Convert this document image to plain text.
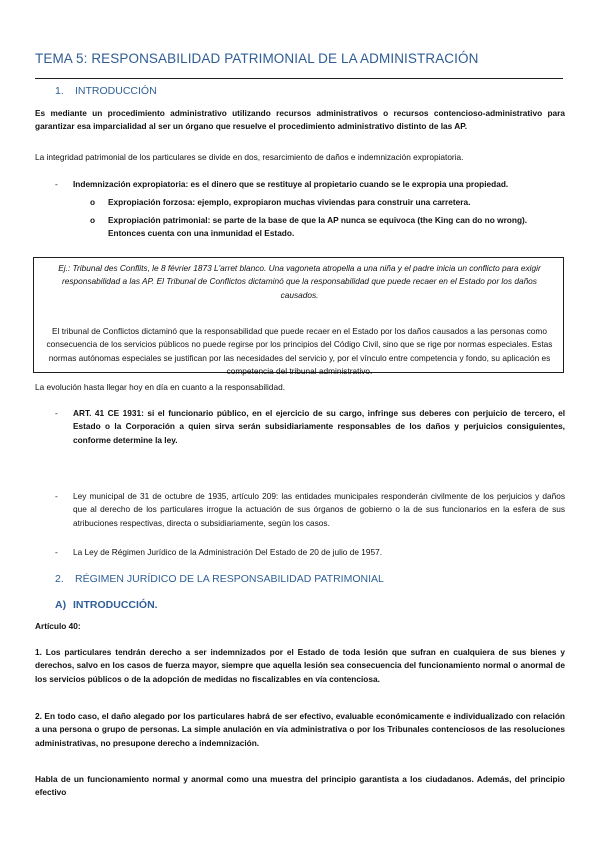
TEMA 5: RESPONSABILIDAD PATRIMONIAL DE LA ADMINISTRACIÓN
1. INTRODUCCIÓN
Es mediante un procedimiento administrativo utilizando recursos administrativos o recursos contencioso-administrativo para garantizar esa imparcialidad al ser un órgano que resuelve el procedimiento administrativo distinto de las AP.
La integridad patrimonial de los particulares se divide en dos, resarcimiento de daños e indemnización expropiatoria.
- Indemnización expropiatoria: es el dinero que se restituye al propietario cuando se le expropia una propiedad.
o Expropiación forzosa: ejemplo, expropiaron muchas viviendas para construir una carretera.
o Expropiación patrimonial: se parte de la base de que la AP nunca se equivoca (the King can do no wrong). Entonces cuenta con una inmunidad el Estado.
Ej.: Tribunal des Conflits, le 8 février 1873 L'arret blanco. Una vagoneta atropella a una niña y el padre inicia un conflicto para exigir responsabilidad a las AP. El Tribunal de Conflictos dictaminó que la responsabilidad que puede recaer en el Estado por los daños causados.
El tribunal de Conflictos dictaminó que la responsabilidad que puede recaer en el Estado por los daños causados a las personas como consecuencia de los servicios públicos no puede regirse por los principios del Código Civil, sino que se rige por normas especiales. Estas normas autónomas especiales se justifican por las necesidades del servicio y, por el vínculo entre competencia y fondo, su aplicación es competencia del tribunal administrativo.
La evolución hasta llegar hoy en día en cuanto a la responsabilidad.
- ART. 41 CE 1931: si el funcionario público, en el ejercicio de su cargo, infringe sus deberes con perjuicio de tercero, el Estado o la Corporación a quien sirva serán subsidiariamente responsables de los daños y perjuicios consiguientes, conforme determine la ley.
- Ley municipal de 31 de octubre de 1935, artículo 209: las entidades municipales responderán civilmente de los perjuicios y daños que al derecho de los particulares irrogue la actuación de sus órganos de gobierno o la de sus funcionarios en la esfera de sus atribuciones respectivas, directa o subsidiariamente, según los casos.
- La Ley de Régimen Jurídico de la Administración Del Estado de 20 de julio de 1957.
2. RÉGIMEN JURÍDICO DE LA RESPONSABILIDAD PATRIMONIAL
A) INTRODUCCIÓN.
Artículo 40:
1. Los particulares tendrán derecho a ser indemnizados por el Estado de toda lesión que sufran en cualquiera de sus bienes y derechos, salvo en los casos de fuerza mayor, siempre que aquella lesión sea consecuencia del funcionamiento normal o anormal de los servicios públicos o de la adopción de medidas no fiscalizables en vía contenciosa.
2. En todo caso, el daño alegado por los particulares habrá de ser efectivo, evaluable económicamente e individualizado con relación a una persona o grupo de personas. La simple anulación en vía administrativa o por los Tribunales contenciosos de las resoluciones administrativas, no presupone derecho a indemnización.
Habla de un funcionamiento normal y anormal como una muestra del principio garantista a los ciudadanos. Además, del principio efectivo
